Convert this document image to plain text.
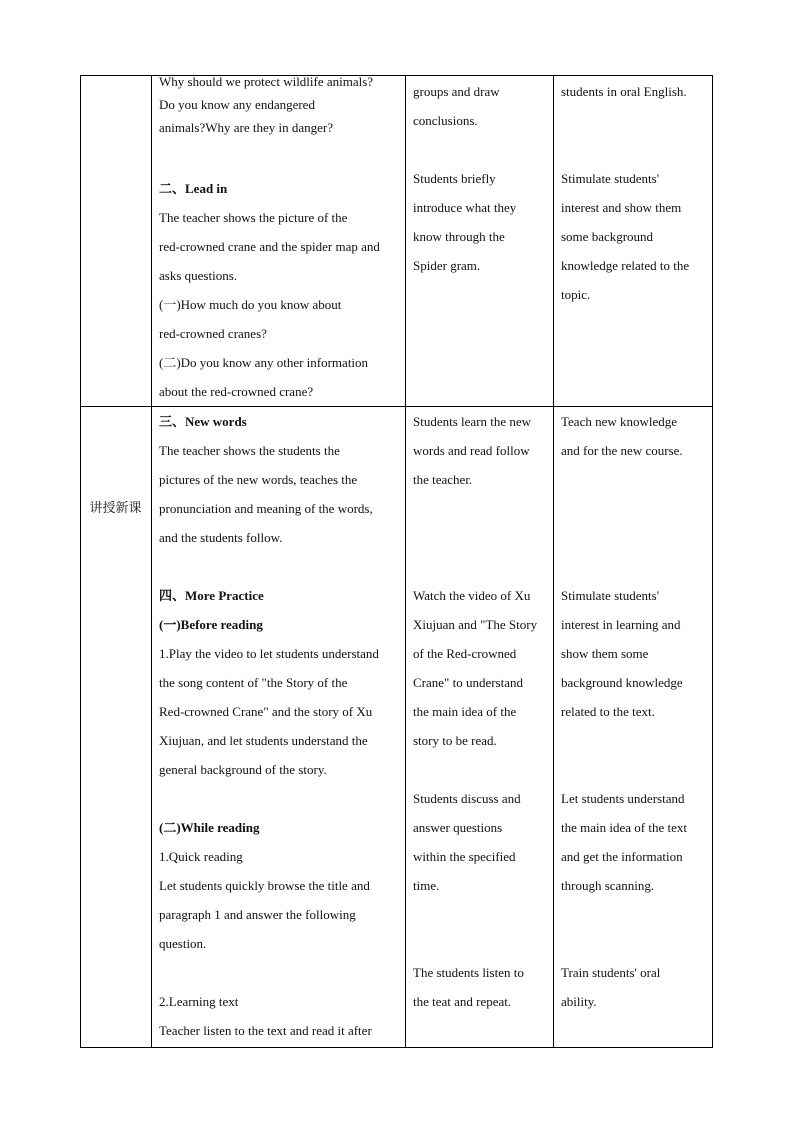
讲授新课
Why should we protect wildlife animals?
Do you know any endangered
animals?Why are they in danger?
二、Lead in
The teacher shows the picture of the
red-crowned crane and the spider map and
asks questions.
(一)How much do you know about
red-crowned cranes?
(二)Do you know any other information
about the red-crowned crane?
groups and draw
conclusions.
Students briefly
introduce what they
know through the
Spider gram.
students in oral English.
Stimulate students'
interest and show them
some background
knowledge related to the
topic.
三、New words
The teacher shows the students the
pictures of the new words, teaches the
pronunciation and meaning of the words,
and the students follow.
四、More Practice
(一)Before reading
1.Play the video to let students understand
the song content of "the Story of the
Red-crowned Crane" and the story of Xu
Xiujuan, and let students understand the
general background of the story.
(二)While reading
1.Quick reading
Let students quickly browse the title and
paragraph 1 and answer the following
question.
2.Learning text
Teacher listen to the text and read it after
Students learn the new
words and read follow
the teacher.
Watch the video of Xu
Xiujuan and "The Story
of the Red-crowned
Crane" to understand
the main idea of the
story to be read.
Students discuss and
answer questions
within the specified
time.
The students listen to
the teat and repeat.
Teach new knowledge
and for the new course.
Stimulate students'
interest in learning and
show them some
background knowledge
related to the text.
Let students understand
the main idea of the text
and get the information
through scanning.
Train students' oral
ability.
